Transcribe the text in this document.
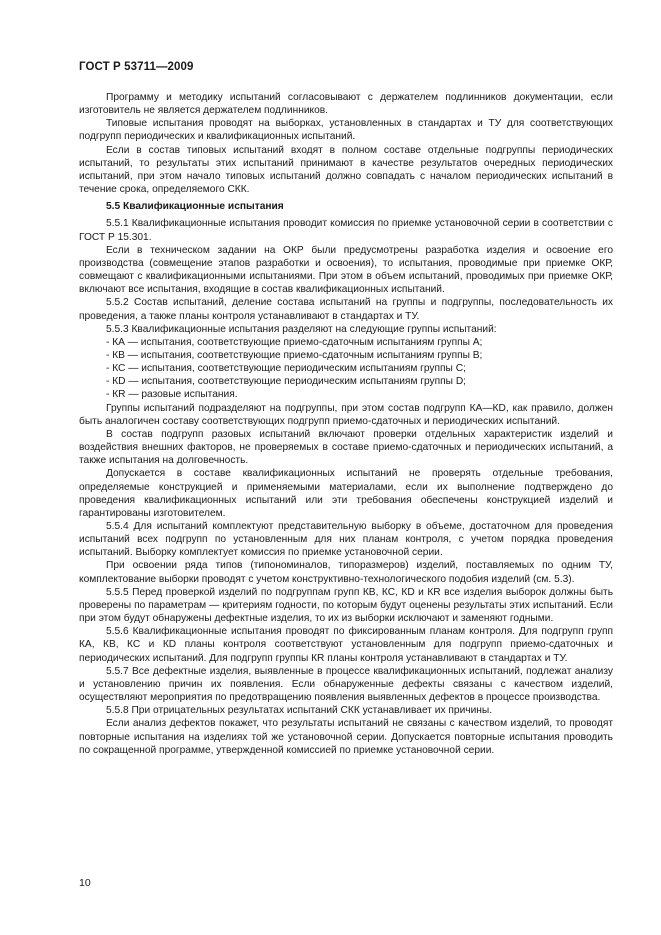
ГОСТ Р 53711—2009

Программу и методику испытаний согласовывают с держателем подлинников документации, если изготовитель не является держателем подлинников.

Типовые испытания проводят на выборках, установленных в стандартах и ТУ для соответствующих подгрупп периодических и квалификационных испытаний.

Если в состав типовых испытаний входят в полном составе отдельные подгруппы периодических испытаний, то результаты этих испытаний принимают в качестве результатов очередных периодических испытаний, при этом начало типовых испытаний должно совпадать с началом периодических испытаний в течение срока, определяемого СКК.

5.5 Квалификационные испытания

5.5.1 Квалификационные испытания проводит комиссия по приемке установочной серии в соответствии с ГОСТ Р 15.301.

Если в техническом задании на ОКР были предусмотрены разработка изделия и освоение его производства (совмещение этапов разработки и освоения), то испытания, проводимые при приемке ОКР, совмещают с квалификационными испытаниями. При этом в объем испытаний, проводимых при приемке ОКР, включают все испытания, входящие в состав квалификационных испытаний.

5.5.2 Состав испытаний, деление состава испытаний на группы и подгруппы, последовательность их проведения, а также планы контроля устанавливают в стандартах и ТУ.

5.5.3 Квалификационные испытания разделяют на следующие группы испытаний:

- КА — испытания, соответствующие приемо-сдаточным испытаниям группы А;

- КВ — испытания, соответствующие приемо-сдаточным испытаниям группы В;

- КС — испытания, соответствующие периодическим испытаниям группы С;

- КD — испытания, соответствующие периодическим испытаниям группы D;

- КR — разовые испытания.

Группы испытаний подразделяют на подгруппы, при этом состав подгрупп КА—КD, как правило, должен быть аналогичен составу соответствующих подгрупп приемо-сдаточных и периодических испытаний.

В состав подгрупп разовых испытаний включают проверки отдельных характеристик изделий и воздействия внешних факторов, не проверяемых в составе приемо-сдаточных и периодических испытаний, а также испытания на долговечность.

Допускается в составе квалификационных испытаний не проверять отдельные требования, определяемые конструкцией и применяемыми материалами, если их выполнение подтверждено до проведения квалификационных испытаний или эти требования обеспечены конструкцией изделий и гарантированы изготовителем.

5.5.4 Для испытаний комплектуют представительную выборку в объеме, достаточном для проведения испытаний всех подгрупп по установленным для них планам контроля, с учетом порядка проведения испытаний. Выборку комплектует комиссия по приемке установочной серии.

При освоении ряда типов (типономиналов, типоразмеров) изделий, поставляемых по одним ТУ, комплектование выборки проводят с учетом конструктивно-технологического подобия изделий (см. 5.3).

5.5.5 Перед проверкой изделий по подгруппам групп КВ, КС, КD и КR все изделия выборок должны быть проверены по параметрам — критериям годности, по которым будут оценены результаты этих испытаний. Если при этом будут обнаружены дефектные изделия, то их из выборки исключают и заменяют годными.

5.5.6 Квалификационные испытания проводят по фиксированным планам контроля. Для подгрупп групп КА, КВ, КС и КD планы контроля соответствуют установленным для подгрупп приемо-сдаточных и периодических испытаний. Для подгрупп группы КR планы контроля устанавливают в стандартах и ТУ.

5.5.7 Все дефектные изделия, выявленные в процессе квалификационных испытаний, подлежат анализу и установлению причин их появления. Если обнаруженные дефекты связаны с качеством изделий, осуществляют мероприятия по предотвращению появления выявленных дефектов в процессе производства.

5.5.8 При отрицательных результатах испытаний СКК устанавливает их причины.

Если анализ дефектов покажет, что результаты испытаний не связаны с качеством изделий, то проводят повторные испытания на изделиях той же установочной серии. Допускается повторные испытания проводить по сокращенной программе, утвержденной комиссией по приемке установочной серии.

10
